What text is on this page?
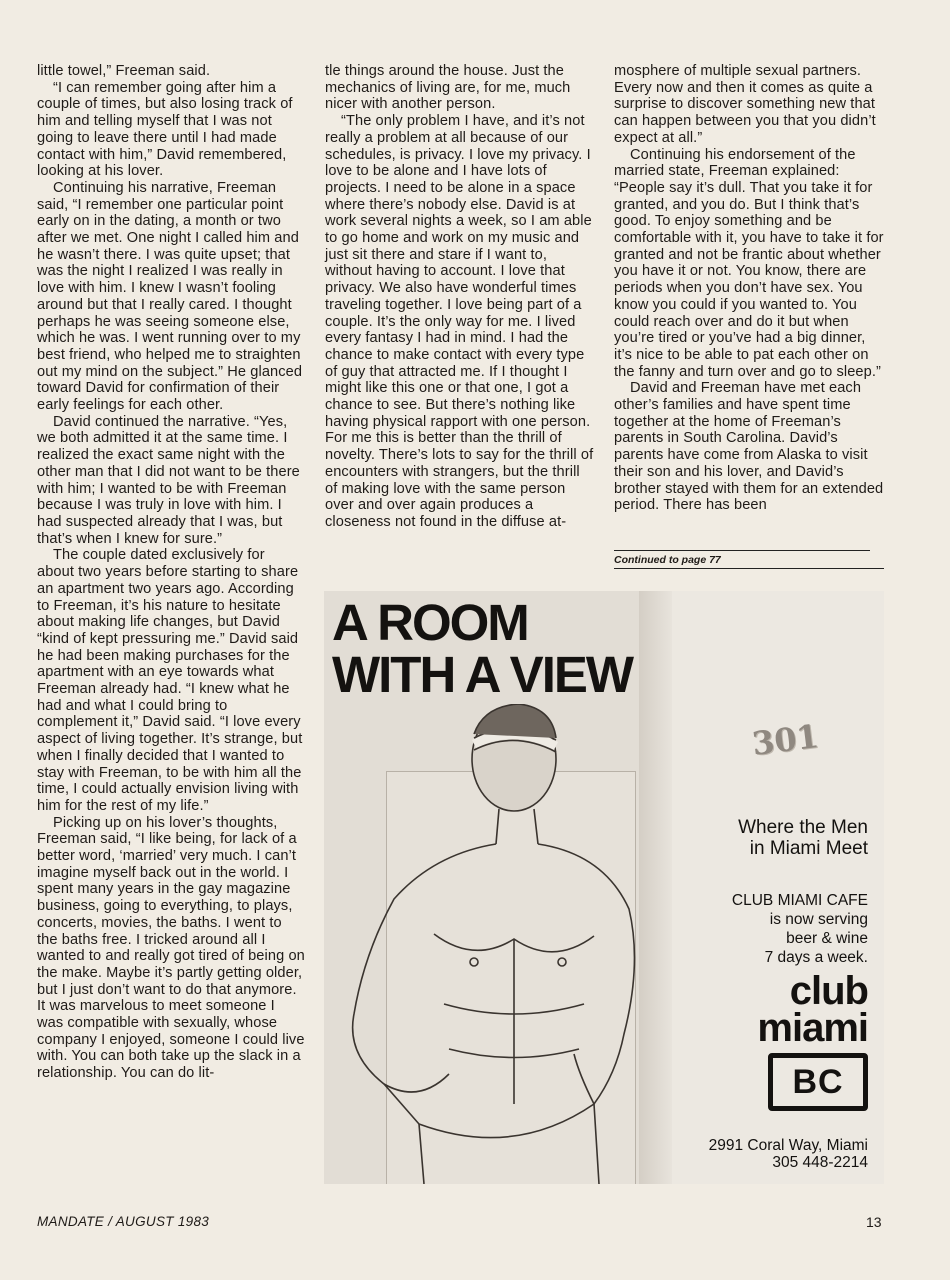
little towel,” Freeman said.

“I can remember going after him a couple of times, but also losing track of him and telling myself that I was not going to leave there until I had made contact with him,” David remembered, looking at his lover.

Continuing his narrative, Freeman said, “I remember one particular point early on in the dating, a month or two after we met. One night I called him and he wasn’t there. I was quite upset; that was the night I realized I was really in love with him. I knew I wasn’t fooling around but that I really cared. I thought perhaps he was seeing someone else, which he was. I went running over to my best friend, who helped me to straighten out my mind on the subject.” He glanced toward David for confirmation of their early feelings for each other.

David continued the narrative. “Yes, we both admitted it at the same time. I realized the exact same night with the other man that I did not want to be there with him; I wanted to be with Freeman because I was truly in love with him. I had suspected already that I was, but that’s when I knew for sure.”

The couple dated exclusively for about two years before starting to share an apartment two years ago. According to Freeman, it’s his nature to hesitate about making life changes, but David “kind of kept pressuring me.” David said he had been making purchases for the apartment with an eye towards what Freeman already had. “I knew what he had and what I could bring to complement it,” David said. “I love every aspect of living together. It’s strange, but when I finally decided that I wanted to stay with Freeman, to be with him all the time, I could actually envision living with him for the rest of my life.”

Picking up on his lover’s thoughts, Freeman said, “I like being, for lack of a better word, ‘married’ very much. I can’t imagine myself back out in the world. I spent many years in the gay magazine business, going to everything, to plays, concerts, movies, the baths. I went to the baths free. I tricked around all I wanted to and really got tired of being on the make. Maybe it’s partly getting older, but I just don’t want to do that anymore. It was marvelous to meet someone I was compatible with sexually, whose company I enjoyed, someone I could live with. You can both take up the slack in a relationship. You can do lit-

tle things around the house. Just the mechanics of living are, for me, much nicer with another person.

“The only problem I have, and it’s not really a problem at all because of our schedules, is privacy. I love my privacy. I love to be alone and I have lots of projects. I need to be alone in a space where there’s nobody else. David is at work several nights a week, so I am able to go home and work on my music and just sit there and stare if I want to, without having to account. I love that privacy. We also have wonderful times traveling together. I love being part of a couple. It’s the only way for me. I lived every fantasy I had in mind. I had the chance to make contact with every type of guy that attracted me. If I thought I might like this one or that one, I got a chance to see. But there’s nothing like having physical rapport with one person. For me this is better than the thrill of novelty. There’s lots to say for the thrill of encounters with strangers, but the thrill of making love with the same person over and over again produces a closeness not found in the diffuse at-

mosphere of multiple sexual partners. Every now and then it comes as quite a surprise to discover something new that can happen between you that you didn’t expect at all.”

Continuing his endorsement of the married state, Freeman explained: “People say it’s dull. That you take it for granted, and you do. But I think that’s good. To enjoy something and be comfortable with it, you have to take it for granted and not be frantic about whether you have it or not. You know, there are periods when you don’t have sex. You know you could if you wanted to. You could reach over and do it but when you’re tired or you’ve had a big dinner, it’s nice to be able to pat each other on the fanny and turn over and go to sleep.”

David and Freeman have met each other’s families and have spent time together at the home of Freeman’s parents in South Carolina. David’s parents have come from Alaska to visit their son and his lover, and David’s brother stayed with them for an extended period. There has been

Continued to page 77
A ROOM
WITH A VIEW
301
Where the Men
in Miami Meet
CLUB MIAMI CAFE
is now serving
beer & wine
7 days a week.
club
miami
BC
2991 Coral Way, Miami
305 448-2214
MANDATE / AUGUST 1983	13
